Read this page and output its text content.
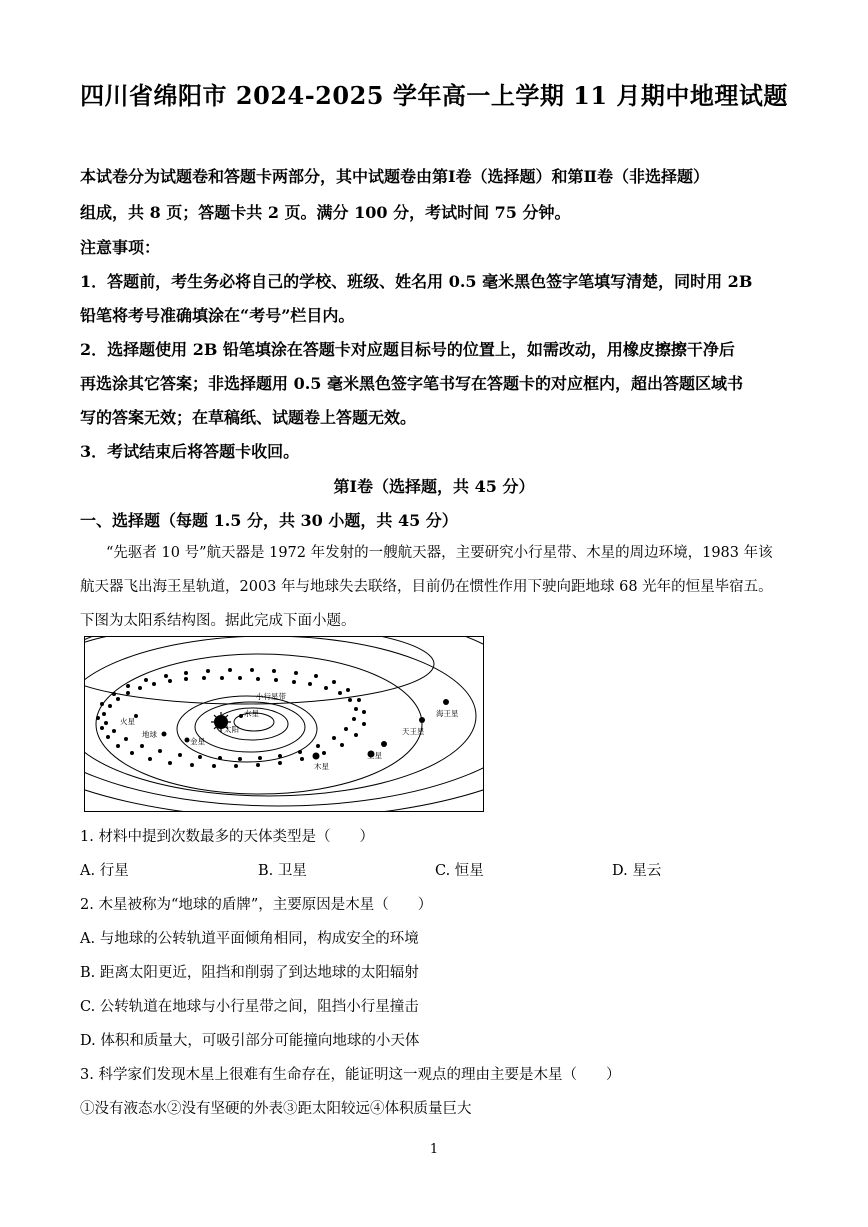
四川省绵阳市 2024-2025 学年高一上学期 11 月期中地理试题
本试卷分为试题卷和答题卡两部分，其中试题卷由第Ⅰ卷（选择题）和第Ⅱ卷（非选择题）
组成，共 8 页；答题卡共 2 页。满分 100 分，考试时间 75 分钟。
注意事项：
1．答题前，考生务必将自己的学校、班级、姓名用 0.5 毫米黑色签字笔填写清楚，同时用 2B
铅笔将考号准确填涂在“考号”栏目内。
2．选择题使用 2B 铅笔填涂在答题卡对应题目标号的位置上，如需改动，用橡皮擦擦干净后
再选涂其它答案；非选择题用 0.5 毫米黑色签字笔书写在答题卡的对应框内，超出答题区域书
写的答案无效；在草稿纸、试题卷上答题无效。
3．考试结束后将答题卡收回。
第Ⅰ卷（选择题，共 45 分）
一、选择题（每题 1.5 分，共 30 小题，共 45 分）
“先驱者 10 号”航天器是 1972 年发射的一艘航天器，主要研究小行星带、木星的周边环境，1983 年该
航天器飞出海王星轨道，2003 年与地球失去联络，目前仍在惯性作用下驶向距地球 68 光年的恒星毕宿五。
下图为太阳系结构图。据此完成下面小题。
水星
太阳
金星
地球
火星
小行星带
木星
土星
天王星
海王星
1. 材料中提到次数最多的天体类型是（　　）
A. 行星	B. 卫星	C. 恒星	D. 星云
2. 木星被称为“地球的盾牌”，主要原因是木星（　　）
A. 与地球的公转轨道平面倾角相同，构成安全的环境
B. 距离太阳更近，阻挡和削弱了到达地球的太阳辐射
C. 公转轨道在地球与小行星带之间，阻挡小行星撞击
D. 体积和质量大，可吸引部分可能撞向地球的小天体
3. 科学家们发现木星上很难有生命存在，能证明这一观点的理由主要是木星（　　）
①没有液态水②没有坚硬的外表③距太阳较远④体积质量巨大
1
